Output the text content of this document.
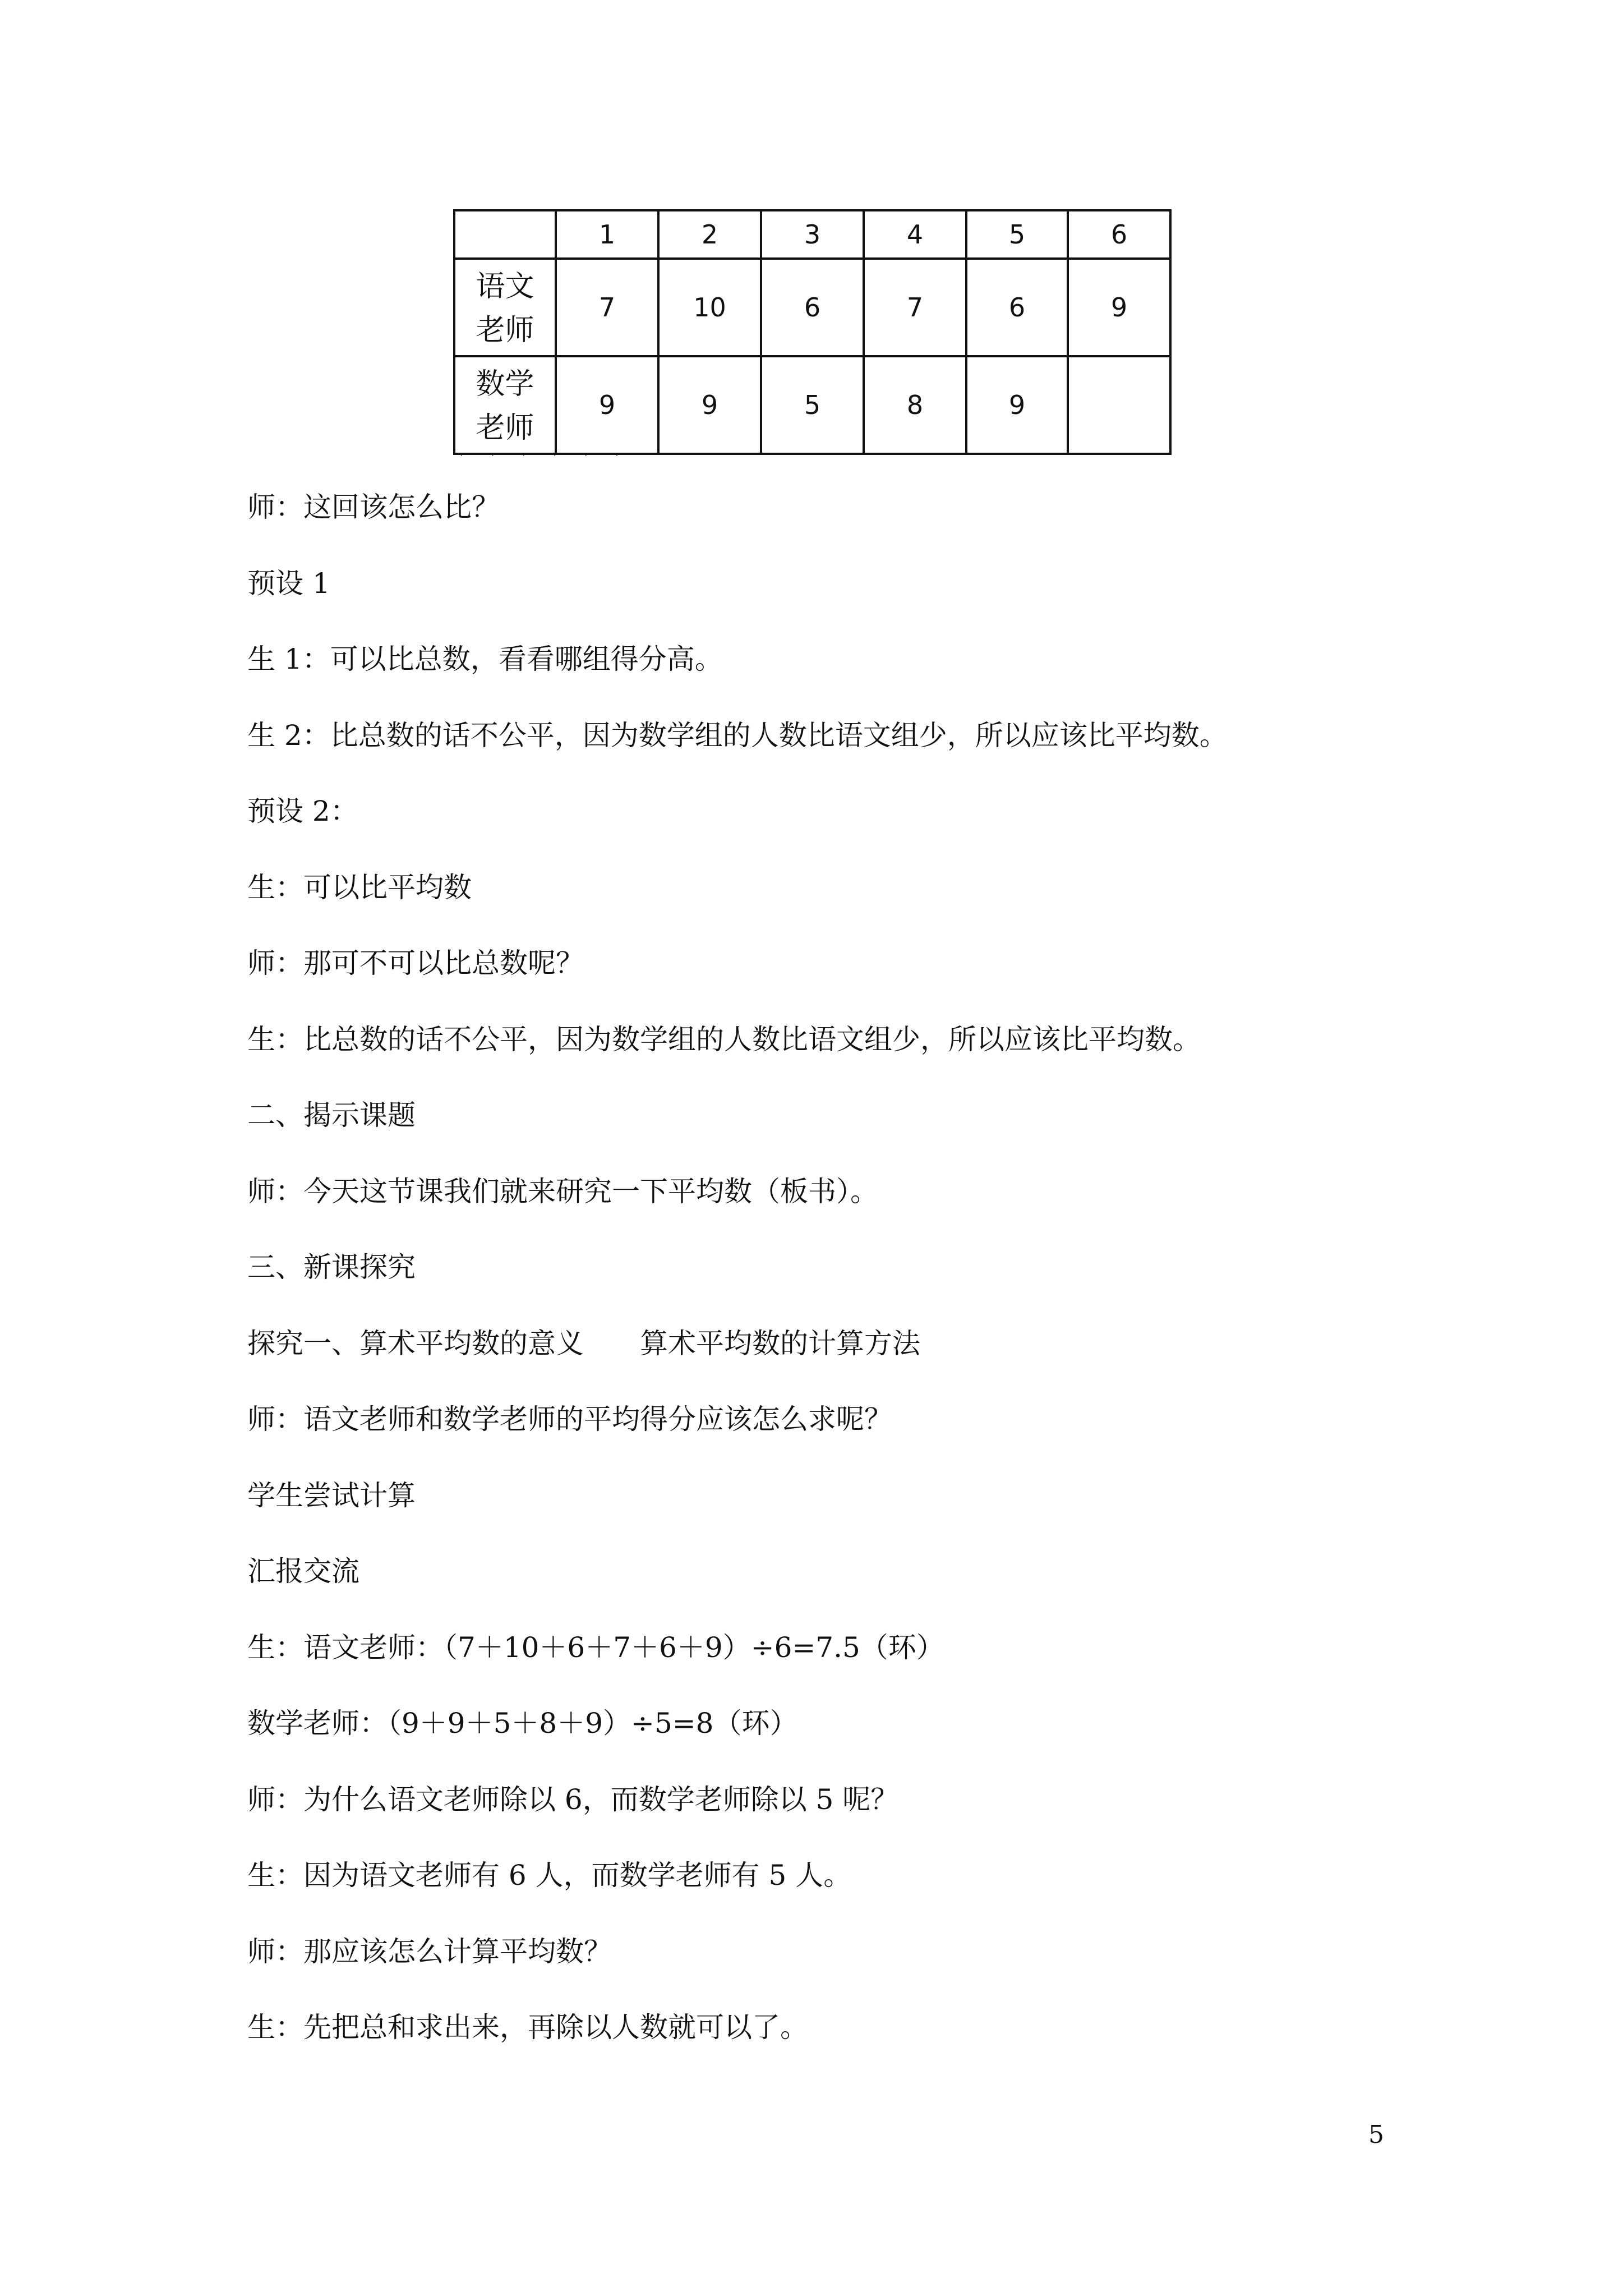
	1	2	3	4	5	6

语文
老师	7	10	6	7	6	9

数学
老师	9	9	5	8	9	
· · · · · ·

师：这回该怎么比？

预设 1

生 1：可以比总数，看看哪组得分高。

生 2：比总数的话不公平，因为数学组的人数比语文组少，所以应该比平均数。

预设 2：

生：可以比平均数

师：那可不可以比总数呢？

生：比总数的话不公平，因为数学组的人数比语文组少，所以应该比平均数。

二、揭示课题

师：今天这节课我们就来研究一下平均数（板书）。

三、新课探究

探究一、算术平均数的意义　　算术平均数的计算方法

师：语文老师和数学老师的平均得分应该怎么求呢？

学生尝试计算

汇报交流

生：语文老师：（7＋10＋6＋7＋6＋9）÷6=7.5（环）

数学老师：（9＋9＋5＋8＋9）÷5=8（环）

师：为什么语文老师除以 6，而数学老师除以 5 呢？

生：因为语文老师有 6 人，而数学老师有 5 人。

师：那应该怎么计算平均数？

生：先把总和求出来，再除以人数就可以了。

5
